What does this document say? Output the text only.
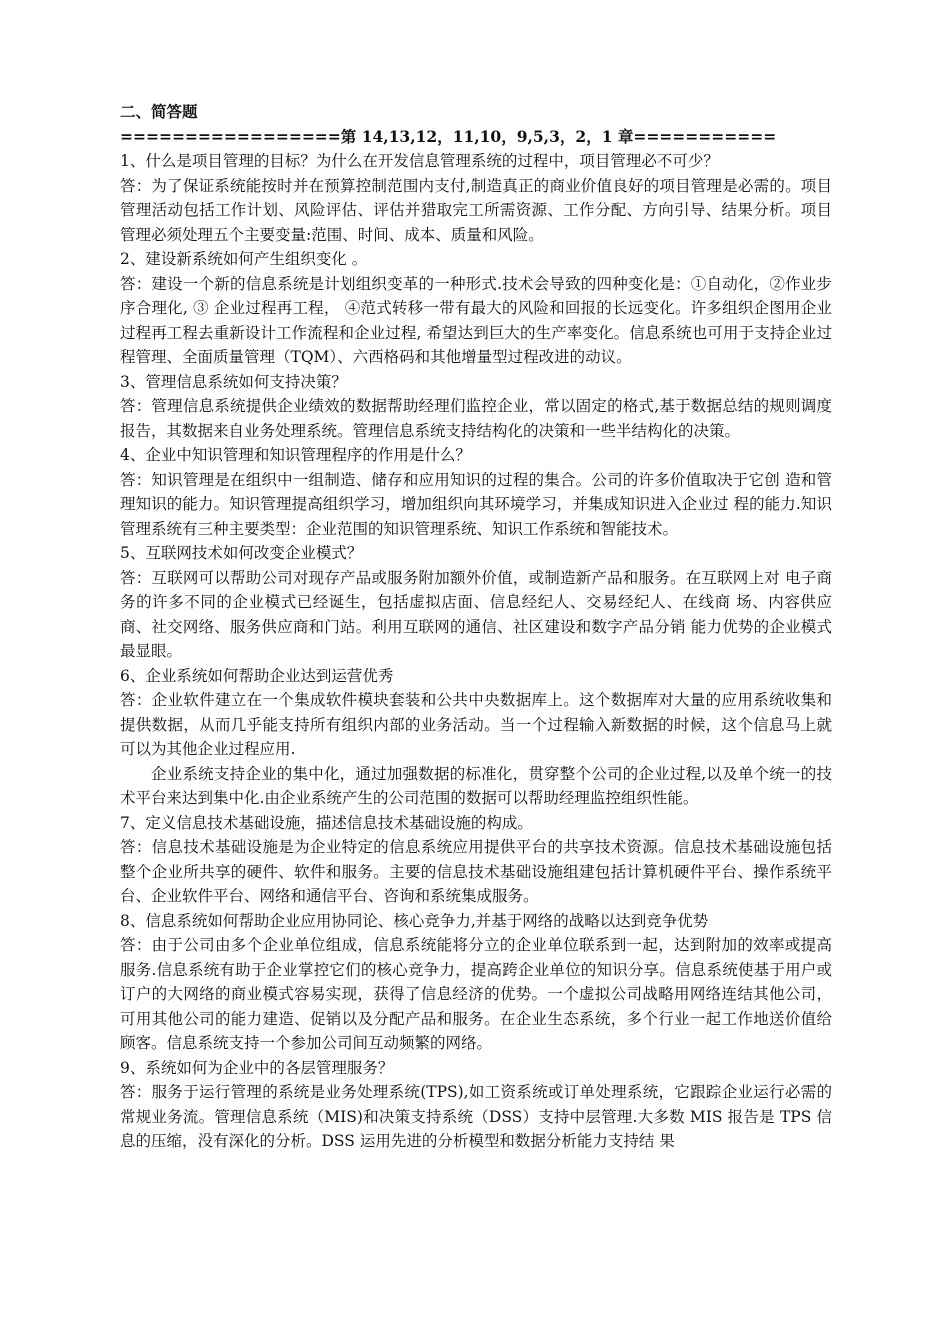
二、简答题
=================第 14,13,12，11,10，9,5,3，2，1 章===========

1、什么是项目管理的目标？为什么在开发信息管理系统的过程中，项目管理必不可少？

答：为了保证系统能按时并在预算控制范围内支付,制造真正的商业价值良好的项目管理是必需的。项目管理活动包括工作计划、风险评估、评估并猎取完工所需资源、工作分配、方向引导、结果分析。项目管理必须处理五个主要变量:范围、时间、成本、质量和风险。

2、建设新系统如何产生组织变化 。

答：建设一个新的信息系统是计划组织变革的一种形式.技术会导致的四种变化是：①自动化，②作业步序合理化, ③ 企业过程再工程， ④范式转移一带有最大的风险和回报的长远变化。许多组织企图用企业过程再工程去重新设计工作流程和企业过程, 希望达到巨大的生产率变化。信息系统也可用于支持企业过程管理、全面质量管理（TQM）、六西格码和其他增量型过程改进的动议。

3、管理信息系统如何支持决策？

答：管理信息系统提供企业绩效的数据帮助经理们监控企业，常以固定的格式,基于数据总结的规则调度报告，其数据来自业务处理系统。管理信息系统支持结构化的决策和一些半结构化的决策。

4、企业中知识管理和知识管理程序的作用是什么？

答：知识管理是在组织中一组制造、储存和应用知识的过程的集合。公司的许多价值取决于它创 造和管理知识的能力。知识管理提高组织学习，增加组织向其环境学习，并集成知识进入企业过 程的能力.知识管理系统有三种主要类型：企业范围的知识管理系统、知识工作系统和智能技术。

5、互联网技术如何改变企业模式？

答：互联网可以帮助公司对现存产品或服务附加额外价值，或制造新产品和服务。在互联网上对 电子商务的许多不同的企业模式已经诞生，包括虚拟店面、信息经纪人、交易经纪人、在线商 场、内容供应商、社交网络、服务供应商和门站。利用互联网的通信、社区建设和数字产品分销 能力优势的企业模式最显眼。

6、企业系统如何帮助企业达到运营优秀

答：企业软件建立在一个集成软件模块套装和公共中央数据库上。这个数据库对大量的应用系统收集和提供数据，从而几乎能支持所有组织内部的业务活动。当一个过程输入新数据的时候，这个信息马上就可以为其他企业过程应用.

企业系统支持企业的集中化，通过加强数据的标准化，贯穿整个公司的企业过程,以及单个统一的技术平台来达到集中化.由企业系统产生的公司范围的数据可以帮助经理监控组织性能。

7、定义信息技术基础设施，描述信息技术基础设施的构成。

答：信息技术基础设施是为企业特定的信息系统应用提供平台的共享技术资源。信息技术基础设施包括整个企业所共享的硬件、软件和服务。主要的信息技术基础设施组建包括计算机硬件平台、操作系统平台、企业软件平台、网络和通信平台、咨询和系统集成服务。

8、信息系统如何帮助企业应用协同论、核心竞争力,并基于网络的战略以达到竞争优势

答：由于公司由多个企业单位组成，信息系统能将分立的企业单位联系到一起，达到附加的效率或提高服务.信息系统有助于企业掌控它们的核心竞争力，提高跨企业单位的知识分享。信息系统使基于用户或订户的大网络的商业模式容易实现，获得了信息经济的优势。一个虚拟公司战略用网络连结其他公司，可用其他公司的能力建造、促销以及分配产品和服务。在企业生态系统，多个行业一起工作地送价值给顾客。信息系统支持一个参加公司间互动频繁的网络。

9、系统如何为企业中的各层管理服务？

答：服务于运行管理的系统是业务处理系统(TPS),如工资系统或订单处理系统，它跟踪企业运行必需的常规业务流。管理信息系统（MIS)和决策支持系统（DSS）支持中层管理.大多数 MIS 报告是 TPS 信息的压缩，没有深化的分析。DSS 运用先进的分析模型和数据分析能力支持结 果
